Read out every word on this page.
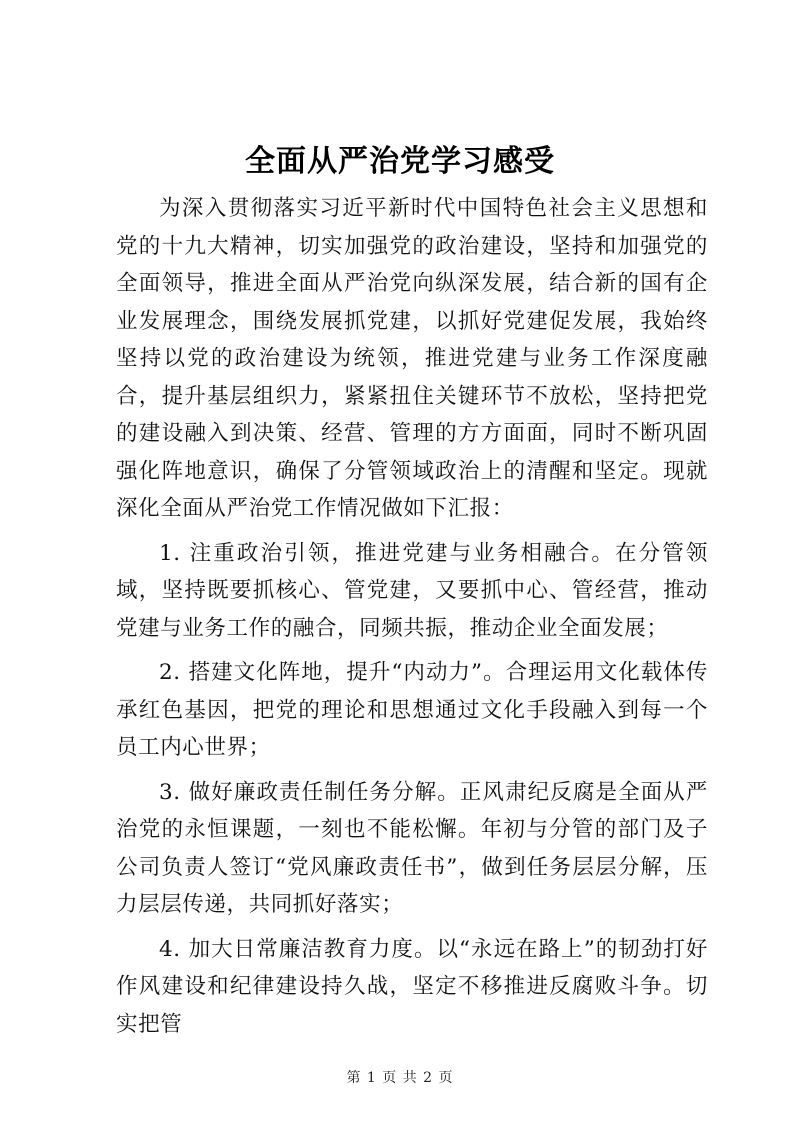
全面从严治党学习感受

为深入贯彻落实习近平新时代中国特色社会主义思想和党的十九大精神，切实加强党的政治建设，坚持和加强党的全面领导，推进全面从严治党向纵深发展，结合新的国有企业发展理念，围绕发展抓党建，以抓好党建促发展，我始终坚持以党的政治建设为统领，推进党建与业务工作深度融合，提升基层组织力，紧紧扭住关键环节不放松，坚持把党的建设融入到决策、经营、管理的方方面面，同时不断巩固强化阵地意识，确保了分管领域政治上的清醒和坚定。现就深化全面从严治党工作情况做如下汇报：

1. 注重政治引领，推进党建与业务相融合。在分管领域，坚持既要抓核心、管党建，又要抓中心、管经营，推动党建与业务工作的融合，同频共振，推动企业全面发展；

2. 搭建文化阵地，提升“内动力”。合理运用文化载体传承红色基因，把党的理论和思想通过文化手段融入到每一个员工内心世界；

3. 做好廉政责任制任务分解。正风肃纪反腐是全面从严治党的永恒课题，一刻也不能松懈。年初与分管的部门及子公司负责人签订“党风廉政责任书”，做到任务层层分解，压力层层传递，共同抓好落实；

4. 加大日常廉洁教育力度。以“永远在路上”的韧劲打好作风建设和纪律建设持久战，坚定不移推进反腐败斗争。切实把管

第 1 页 共 2 页
